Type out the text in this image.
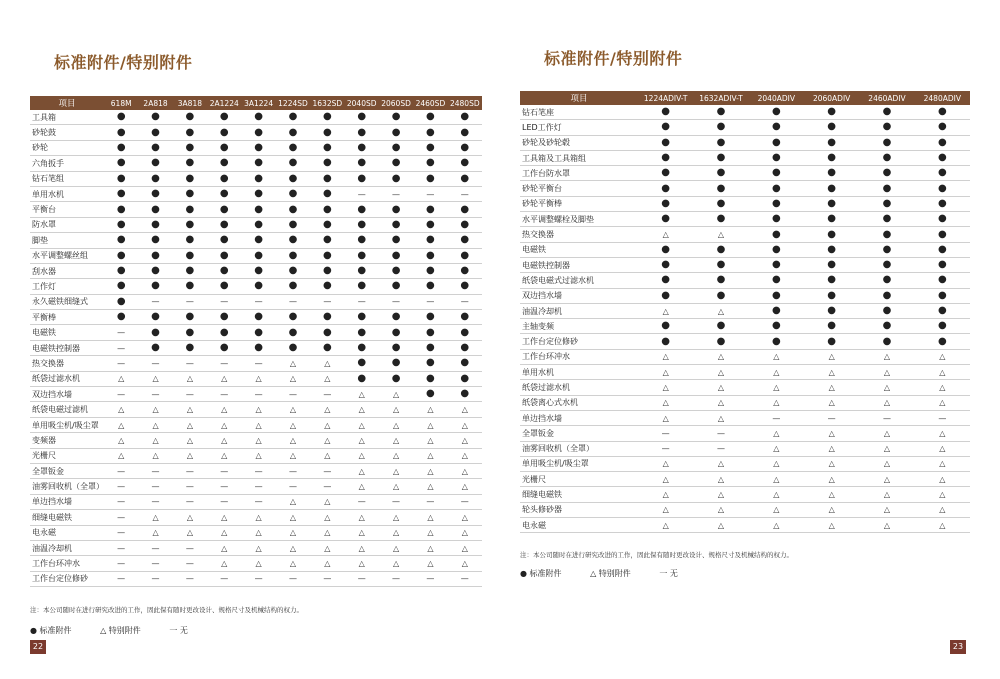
标准附件/特别附件
项目	618M	2A818	3A818	2A1224	3A1224	1224SD	1632SD	2040SD	2060SD	2460SD	2480SD
工具箱	●	●	●	●	●	●	●	●	●	●	●
砂轮鼓	●	●	●	●	●	●	●	●	●	●	●
砂轮	●	●	●	●	●	●	●	●	●	●	●
六角扳手	●	●	●	●	●	●	●	●	●	●	●
钻石笔组	●	●	●	●	●	●	●	●	●	●	●
单用水机	●	●	●	●	●	●	●	—	—	—	—
平衡台	●	●	●	●	●	●	●	●	●	●	●
防水罩	●	●	●	●	●	●	●	●	●	●	●
脚垫	●	●	●	●	●	●	●	●	●	●	●
水平调整螺丝组	●	●	●	●	●	●	●	●	●	●	●
刮水器	●	●	●	●	●	●	●	●	●	●	●
工作灯	●	●	●	●	●	●	●	●	●	●	●
永久磁铁细缝式	●	—	—	—	—	—	—	—	—	—	—
平衡棒	●	●	●	●	●	●	●	●	●	●	●
电磁铁	—	●	●	●	●	●	●	●	●	●	●
电磁铁控制器	—	●	●	●	●	●	●	●	●	●	●
热交换器	—	—	—	—	—	△	△	●	●	●	●
纸袋过滤水机	△	△	△	△	△	△	△	●	●	●	●
双边挡水墙	—	—	—	—	—	—	—	△	△	●	●
纸袋电磁过滤机	△	△	△	△	△	△	△	△	△	△	△
单用吸尘机/吸尘罩	△	△	△	△	△	△	△	△	△	△	△
变频器	△	△	△	△	△	△	△	△	△	△	△
光栅尺	△	△	△	△	△	△	△	△	△	△	△
全罩钣金	—	—	—	—	—	—	—	△	△	△	△
油雾回收机（全罩）	—	—	—	—	—	—	—	△	△	△	△
单边挡水墙	—	—	—	—	—	△	△	—	—	—	—
细缝电磁铁	—	△	△	△	△	△	△	△	△	△	△
电永磁	—	△	△	△	△	△	△	△	△	△	△
油温冷却机	—	—	—	△	△	△	△	△	△	△	△
工作台环冲水	—	—	—	△	△	△	△	△	△	△	△
工作台定位修砂	—	—	—	—	—	—	—	—	—	—	—
注：本公司随时在进行研究改进的工作，固此保有随时更改设计、规格尺寸及机械结构的权力。
● 标准附件	△ 特别附件	一 无
22
标准附件/特别附件
项目	1224ADIV-T	1632ADIV-T	2040ADIV	2060ADIV	2460ADIV	2480ADIV
钻石笔座	●	●	●	●	●	●
LED工作灯	●	●	●	●	●	●
砂轮及砂轮毂	●	●	●	●	●	●
工具箱及工具箱组	●	●	●	●	●	●
工作台防水罩	●	●	●	●	●	●
砂轮平衡台	●	●	●	●	●	●
砂轮平衡棒	●	●	●	●	●	●
水平调整螺栓及脚垫	●	●	●	●	●	●
热交换器	△	△	●	●	●	●
电磁铁	●	●	●	●	●	●
电磁铁控制器	●	●	●	●	●	●
纸袋电磁式过滤水机	●	●	●	●	●	●
双边挡水墙	●	●	●	●	●	●
油温冷却机	△	△	●	●	●	●
主轴变频	●	●	●	●	●	●
工作台定位修砂	●	●	●	●	●	●
工作台环冲水	△	△	△	△	△	△
单用水机	△	△	△	△	△	△
纸袋过滤水机	△	△	△	△	△	△
纸袋离心式水机	△	△	△	△	△	△
单边挡水墙	△	△	—	—	—	—
全罩钣金	—	—	△	△	△	△
油雾回收机（全罩）	—	—	△	△	△	△
单用吸尘机/吸尘罩	△	△	△	△	△	△
光栅尺	△	△	△	△	△	△
细缝电磁铁	△	△	△	△	△	△
轮头修砂器	△	△	△	△	△	△
电永磁	△	△	△	△	△	△
注：本公司随时在进行研究改进的工作，固此保有随时更改设计、规格尺寸及机械结构的权力。
● 标准附件	△ 特别附件	一 无
23
